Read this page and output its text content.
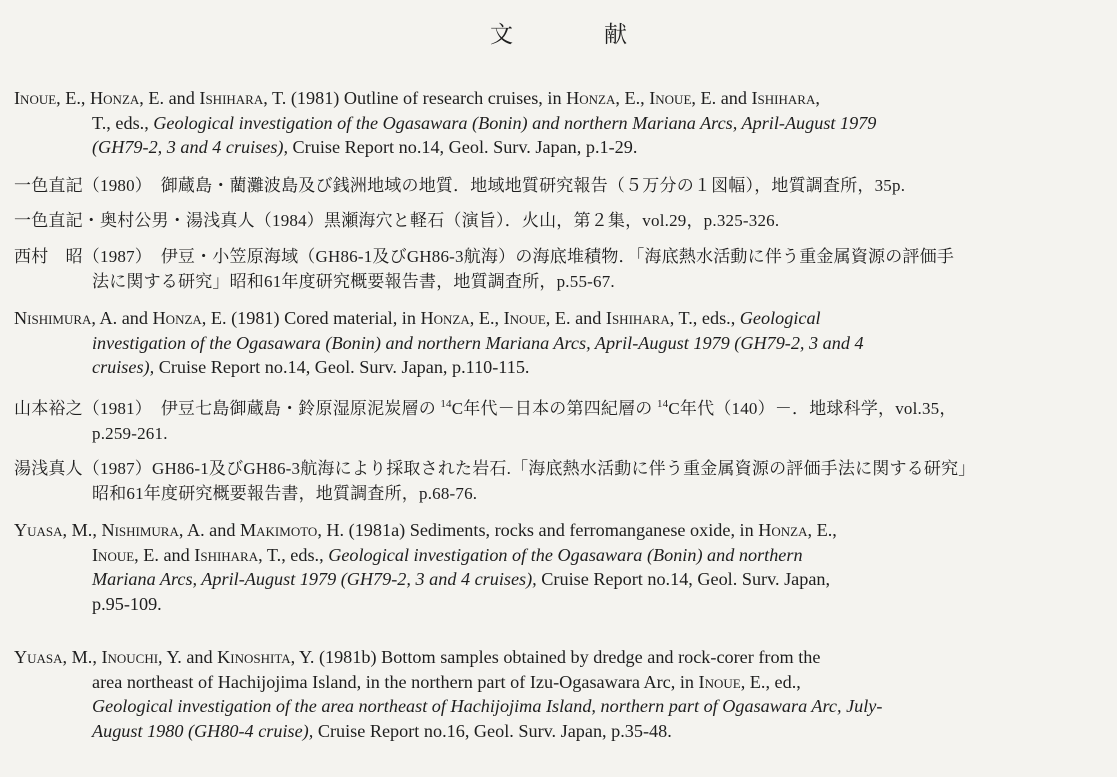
文　献
Inoue, E., Honza, E. and Ishihara, T. (1981) Outline of research cruises, in Honza, E., Inoue, E. and Ishihara,
T., eds., Geological investigation of the Ogasawara (Bonin) and northern Mariana Arcs, April-August 1979
(GH79-2, 3 and 4 cruises), Cruise Report no.14, Geol. Surv. Japan, p.1-29.
一色直記（1980）　御蔵島・藺灘波島及び銭洲地域の地質．地域地質研究報告（５万分の１図幅），地質調査所，35p.
一色直記・奥村公男・湯浅真人（1984）黒瀬海穴と軽石（演旨）．火山，第２集，vol.29，p.325-326.
西村　昭（1987）　伊豆・小笠原海域（GH86-1及びGH86-3航海）の海底堆積物．「海底熱水活動に伴う重金属資源の評価手
法に関する研究」昭和61年度研究概要報告書，地質調査所，p.55-67.
Nishimura, A. and Honza, E. (1981) Cored material, in Honza, E., Inoue, E. and Ishihara, T., eds., Geological
investigation of the Ogasawara (Bonin) and northern Mariana Arcs, April-August 1979 (GH79-2, 3 and 4
cruises), Cruise Report no.14, Geol. Surv. Japan, p.110-115.
山本裕之（1981）　伊豆七島御蔵島・鈴原湿原泥炭層の $^{14}$C年代－日本の第四紀層の $^{14}$C年代（140）－．地球科学，vol.35，
p.259-261.
湯浅真人（1987）GH86-1及びGH86-3航海により採取された岩石.「海底熱水活動に伴う重金属資源の評価手法に関する研究」
昭和61年度研究概要報告書，地質調査所，p.68-76.
Yuasa, M., Nishimura, A. and Makimoto, H. (1981a) Sediments, rocks and ferromanganese oxide, in Honza, E.,
Inoue, E. and Ishihara, T., eds., Geological investigation of the Ogasawara (Bonin) and northern
Mariana Arcs, April-August 1979 (GH79-2, 3 and 4 cruises), Cruise Report no.14, Geol. Surv. Japan,
p.95-109.
Yuasa, M., Inouchi, Y. and Kinoshita, Y. (1981b) Bottom samples obtained by dredge and rock-corer from the
area northeast of Hachijojima Island, in the northern part of Izu-Ogasawara Arc, in Inoue, E., ed.,
Geological investigation of the area northeast of Hachijojima Island, northern part of Ogasawara Arc, July-
August 1980 (GH80-4 cruise), Cruise Report no.16, Geol. Surv. Japan, p.35-48.
